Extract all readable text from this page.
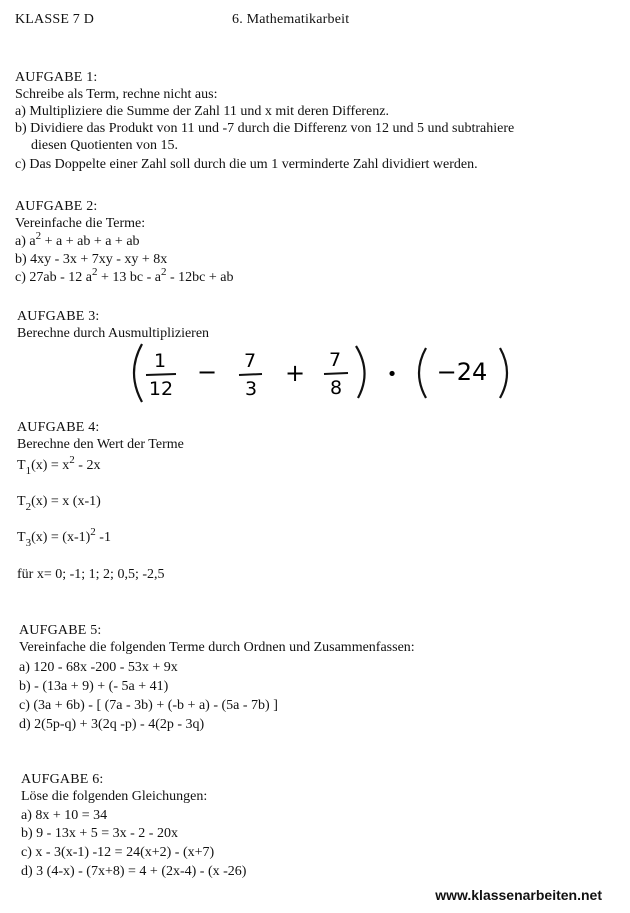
KLASSE 7 D	6. Mathematikarbeit
AUFGABE 1:
Schreibe als Term, rechne nicht aus:
a) Multipliziere die Summe der Zahl 11 und x mit deren Differenz.
b) Dividiere das Produkt von 11 und -7 durch die Differenz von 12 und 5 und subtrahiere
diesen Quotienten von 15.
c) Das Doppelte einer Zahl soll durch die um 1 verminderte Zahl dividiert werden.
AUFGABE 2:
Vereinfache die Terme:
a) $a^2 + a$ + ab + a + ab
b) 4xy - 3x + 7xy - xy + 8x
c) 27ab - 12 $a^2 + 13$ bc - $a^2 - 12bc$ + ab
AUFGABE 3:
Berechne durch Ausmultiplizieren
1
12
− 7
3
+ 7
8
• −24
AUFGABE 4:
Berechne den Wert der Terme
$T_1(x) = x^2 - 2x$
$T_2(x) = x$ (x-1)
$T_3(x) = (x-1)^2$ -1
für x= 0; -1; 1; 2; 0,5; -2,5
AUFGABE 5:
Vereinfache die folgenden Terme durch Ordnen und Zusammenfassen:
a) 120 - 68x -200 - 53x + 9x
b) - (13a + 9) + (- 5a + 41)
c) (3a + 6b) - [ (7a - 3b) + (-b + a) - (5a - 7b) ]
d) 2(5p-q) + 3(2q -p) - 4(2p - 3q)
AUFGABE 6:
Löse die folgenden Gleichungen:
a) 8x + 10 = 34
b) 9 - 13x + 5 = 3x - 2 - 20x
c) x - 3(x-1) -12 = 24(x+2) - (x+7)
d) 3 (4-x) - (7x+8) = 4 + (2x-4) - (x -26)
www.klassenarbeiten.net
